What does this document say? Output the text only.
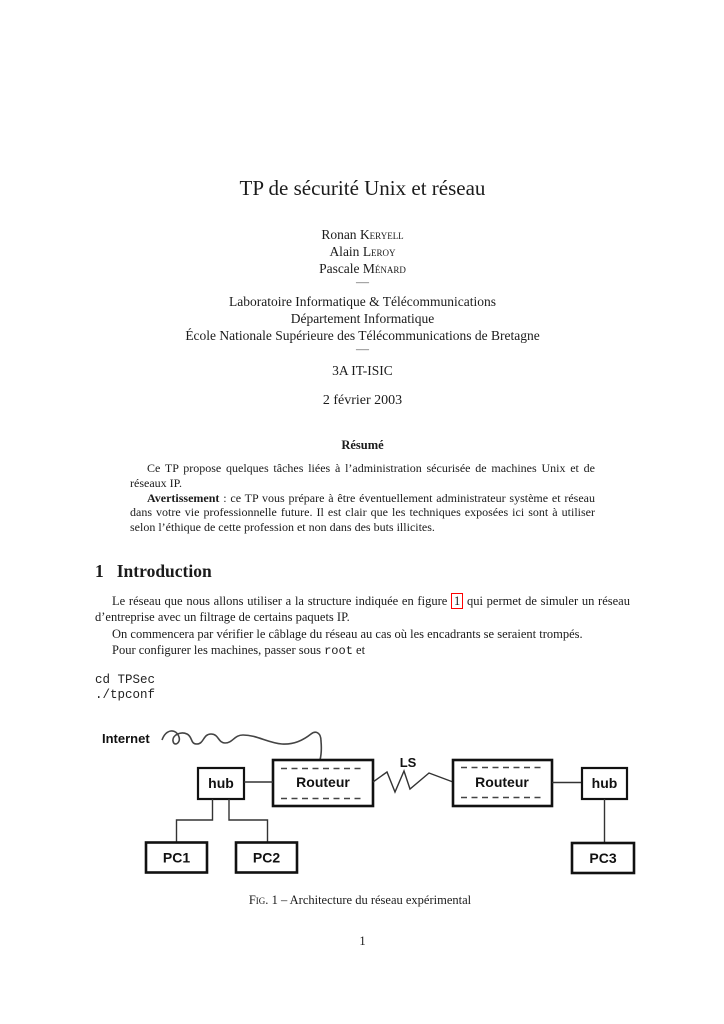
TP de sécurité Unix et réseau
Ronan Keryell
Alain Leroy
Pascale Ménard
—
Laboratoire Informatique & Télécommunications
Département Informatique
École Nationale Supérieure des Télécommunications de Bretagne
—
3A IT-ISIC
2 février 2003
Résumé

Ce TP propose quelques tâches liées à l’administration sécurisée de machines Unix et de réseaux IP.

Avertissement : ce TP vous prépare à être éventuellement administrateur système et réseau dans votre vie professionnelle future. Il est clair que les techniques exposées ici sont à utiliser selon l’éthique de cette profession et non dans des buts illicites.

1 Introduction

Le réseau que nous allons utiliser a la structure indiquée en figure 1 qui permet de simuler un réseau d’entreprise avec un filtrage de certains paquets IP.

On commencera par vérifier le câblage du réseau au cas où les encadrants se seraient trompés.

Pour configurer les machines, passer sous root et

cd TPSec
./tpconf
Internet
hub	Routeur
LS
Routeur	hub
PC1	PC2	PC3
Fig. 1 – Architecture du réseau expérimental
1
